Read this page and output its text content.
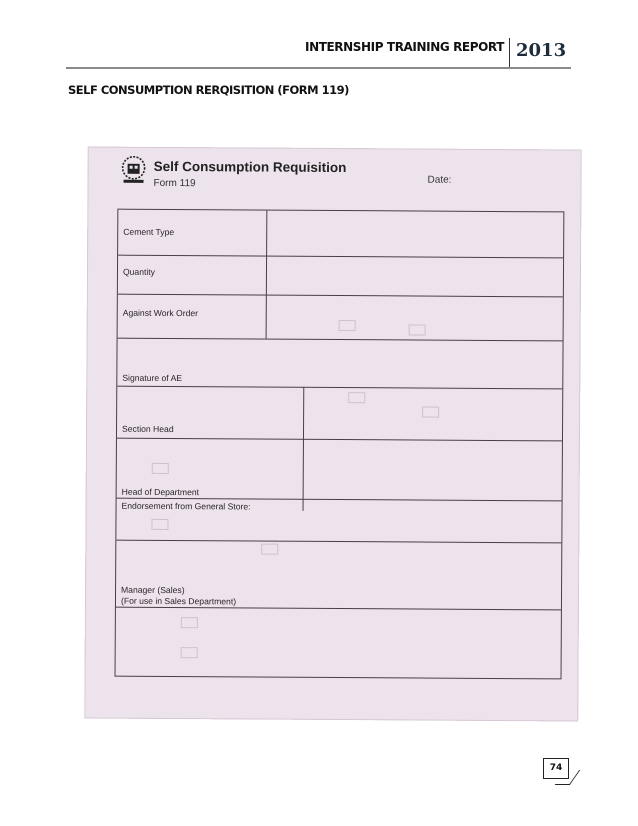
INTERNSHIP TRAINING REPORT 2013
SELF CONSUMPTION RERQISITION (FORM 119)
Self Consumption Requisition
Form 119	Date:
Cement Type
Quantity
Against Work Order
Signature of AE
Section Head
Head of Department
Endorsement from General Store:
Manager (Sales)
(For use in Sales Department)
74
